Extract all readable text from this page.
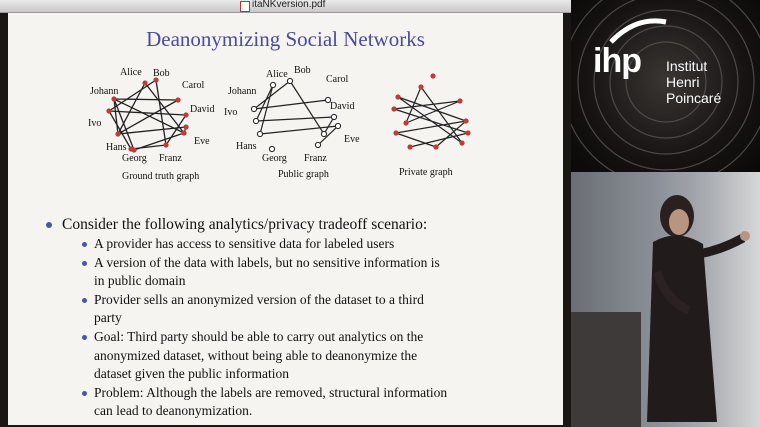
itaNKversion.pdf
Deanonymizing Social Networks
Alice Bob
Carol
Johann
David
Ivo
Eve
Hans
Georg Franz
Ground truth graph
Alice Bob
Carol
Johann
David
Ivo
Eve
Hans
Georg Franz
Public graph	Private graph
Consider the following analytics/privacy tradeoff scenario:
A provider has access to sensitive data for labeled users
A version of the data with labels, but no sensitive information is
in public domain
Provider sells an anonymized version of the dataset to a third
party
Goal: Third party should be able to carry out analytics on the
anonymized dataset, without being able to deanonymize the
dataset given the public information
Problem: Although the labels are removed, structural information
can lead to deanonymization.
ihp Institut
Henri
Poincaré
